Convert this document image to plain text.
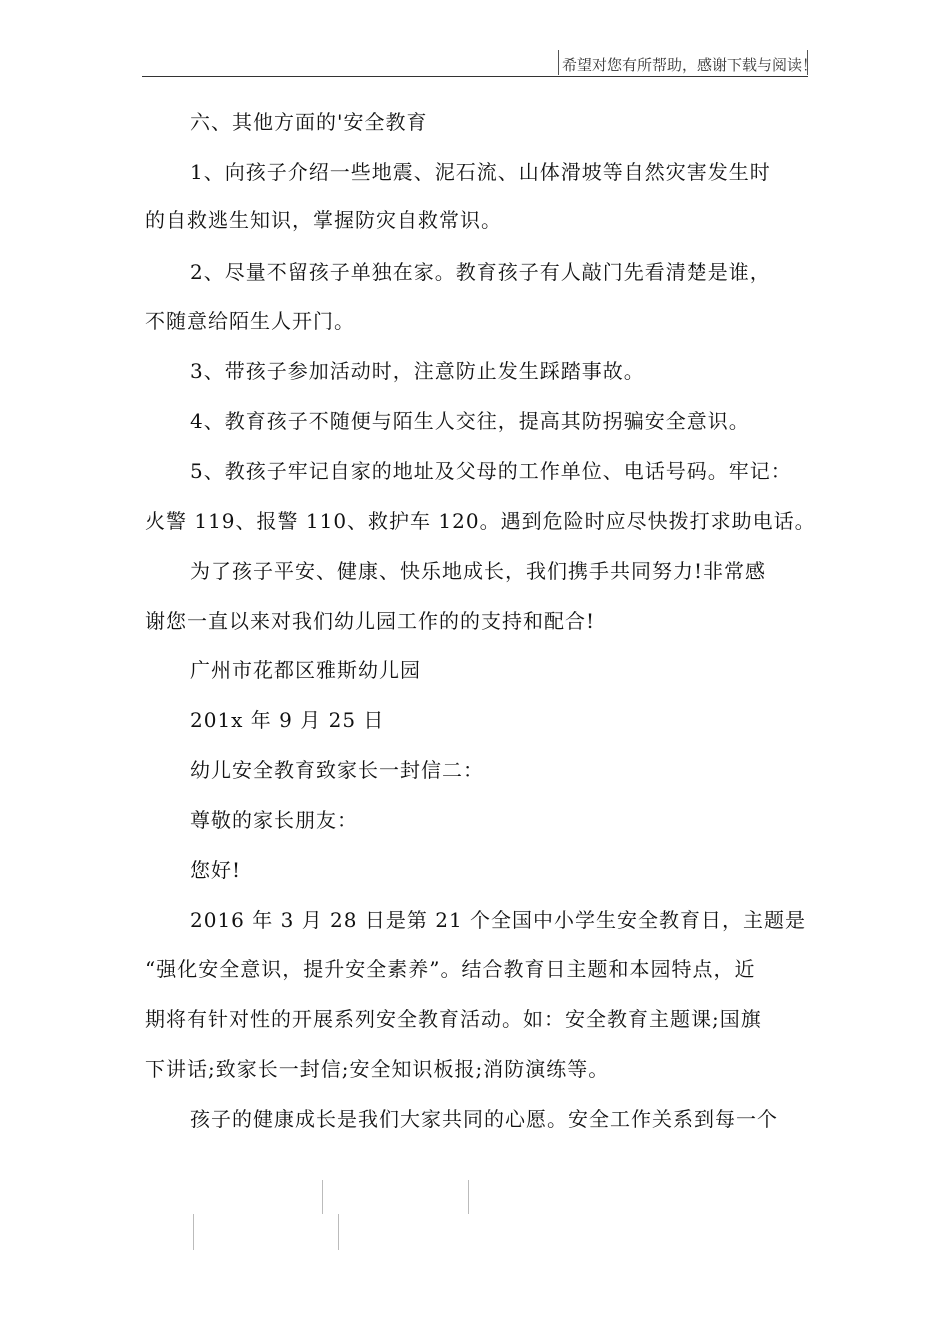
希望对您有所帮助，感谢下载与阅读！
六、其他方面的'安全教育
1、向孩子介绍一些地震、泥石流、山体滑坡等自然灾害发生时
的自救逃生知识，掌握防灾自救常识。
2、尽量不留孩子单独在家。教育孩子有人敲门先看清楚是谁，
不随意给陌生人开门。
3、带孩子参加活动时，注意防止发生踩踏事故。
4、教育孩子不随便与陌生人交往，提高其防拐骗安全意识。
5、教孩子牢记自家的地址及父母的工作单位、电话号码。牢记：
火警 119、报警 110、救护车 120。遇到危险时应尽快拨打求助电话。
为了孩子平安、健康、快乐地成长，我们携手共同努力!非常感
谢您一直以来对我们幼儿园工作的的支持和配合!
广州市花都区雅斯幼儿园
201x 年 9 月 25 日
幼儿安全教育致家长一封信二：
尊敬的家长朋友：
您好!
2016 年 3 月 28 日是第 21 个全国中小学生安全教育日，主题是
“强化安全意识，提升安全素养”。结合教育日主题和本园特点，近
期将有针对性的开展系列安全教育活动。如：安全教育主题课;国旗
下讲话;致家长一封信;安全知识板报;消防演练等。
孩子的健康成长是我们大家共同的心愿。安全工作关系到每一个
